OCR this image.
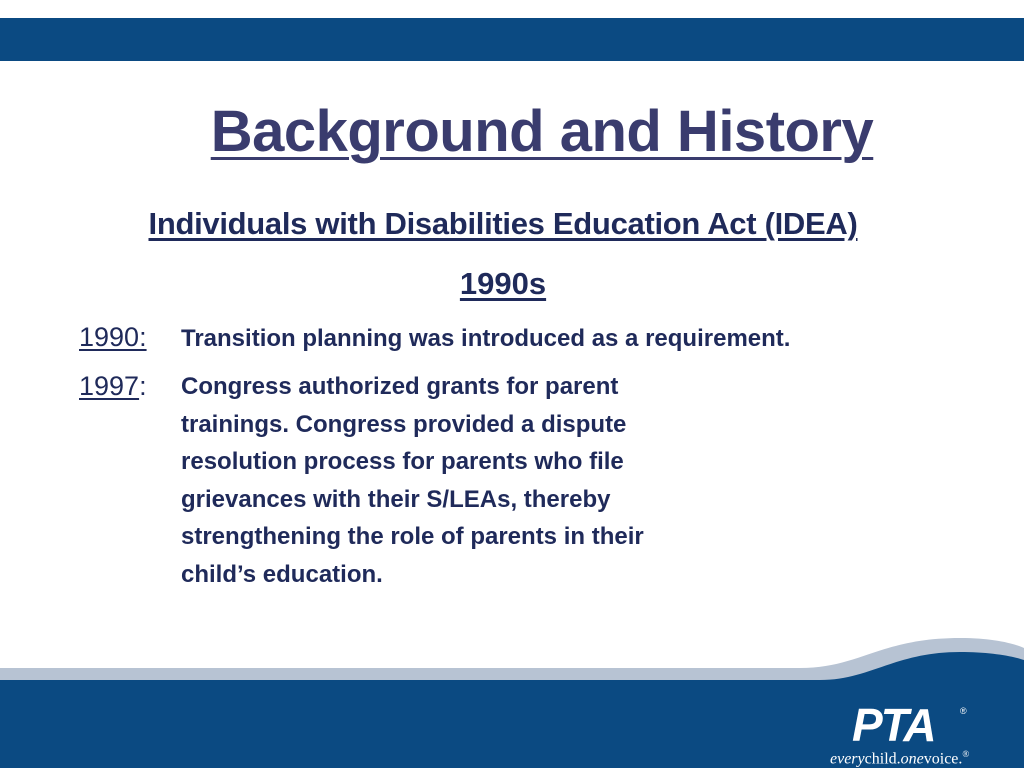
Background and History
Individuals with Disabilities Education Act (IDEA)
1990s
1990: Transition planning was introduced as a requirement.
1997: Congress authorized grants for parent trainings. Congress provided a dispute resolution process for parents who file grievances with their S/LEAs, thereby strengthening the role of parents in their child’s education.
PTA	®
everychild.onevoice.®
